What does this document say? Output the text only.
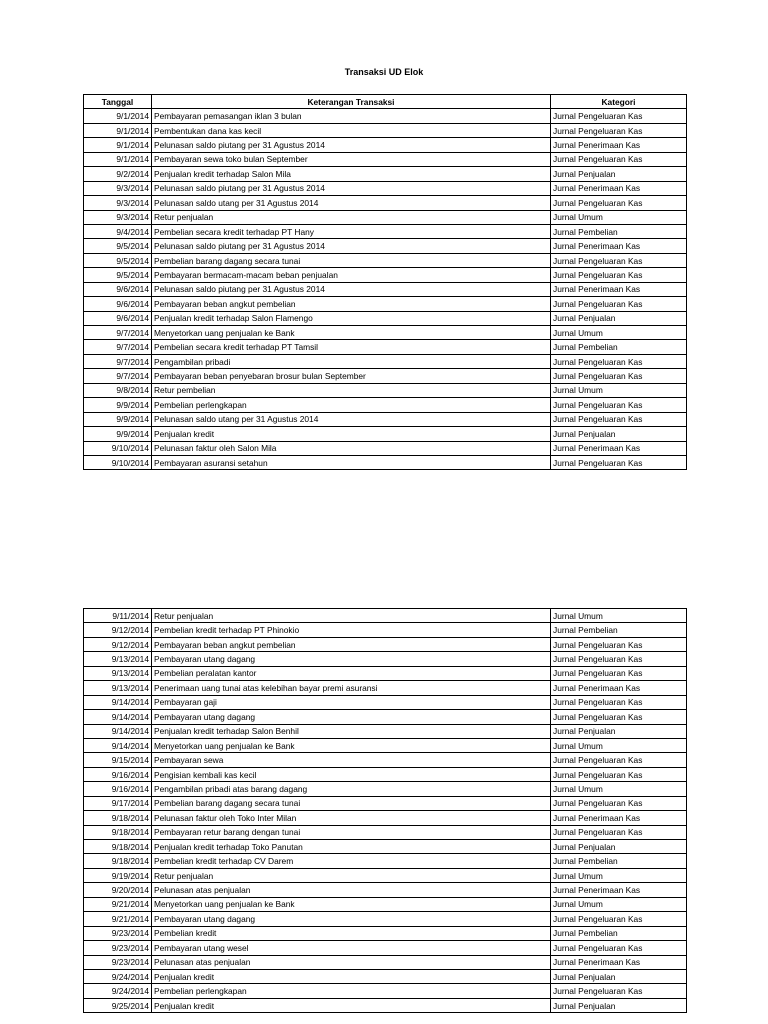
Transaksi UD Elok
Tanggal	Keterangan Transaksi	Kategori
9/1/2014	Pembayaran pemasangan iklan 3 bulan	Jurnal Pengeluaran Kas
9/1/2014	Pembentukan dana kas kecil	Jurnal Pengeluaran Kas
9/1/2014	Pelunasan saldo piutang per 31 Agustus 2014	Jurnal Penerimaan Kas
9/1/2014	Pembayaran sewa toko bulan September	Jurnal Pengeluaran Kas
9/2/2014	Penjualan kredit terhadap Salon Mila	Jurnal Penjualan
9/3/2014	Pelunasan saldo piutang per 31 Agustus 2014	Jurnal Penerimaan Kas
9/3/2014	Pelunasan saldo utang per 31 Agustus 2014	Jurnal Pengeluaran Kas
9/3/2014	Retur penjualan	Jurnal Umum
9/4/2014	Pembelian secara kredit terhadap PT Hany	Jurnal Pembelian
9/5/2014	Pelunasan saldo piutang per 31 Agustus 2014	Jurnal Penerimaan Kas
9/5/2014	Pembelian barang dagang secara tunai	Jurnal Pengeluaran Kas
9/5/2014	Pembayaran bermacam-macam beban penjualan	Jurnal Pengeluaran Kas
9/6/2014	Pelunasan saldo piutang per 31 Agustus 2014	Jurnal Penerimaan Kas
9/6/2014	Pembayaran beban angkut pembelian	Jurnal Pengeluaran Kas
9/6/2014	Penjualan kredit terhadap Salon Flamengo	Jurnal Penjualan
9/7/2014	Menyetorkan uang penjualan ke Bank	Jurnal Umum
9/7/2014	Pembelian secara kredit terhadap PT Tamsil	Jurnal Pembelian
9/7/2014	Pengambilan pribadi	Jurnal Pengeluaran Kas
9/7/2014	Pembayaran beban penyebaran brosur bulan September	Jurnal Pengeluaran Kas
9/8/2014	Retur pembelian	Jurnal Umum
9/9/2014	Pembelian perlengkapan	Jurnal Pengeluaran Kas
9/9/2014	Pelunasan saldo utang per 31 Agustus 2014	Jurnal Pengeluaran Kas
9/9/2014	Penjualan kredit	Jurnal Penjualan
9/10/2014	Pelunasan faktur oleh Salon Mila	Jurnal Penerimaan Kas
9/10/2014	Pembayaran asuransi setahun	Jurnal Pengeluaran Kas
9/11/2014	Retur penjualan	Jurnal Umum
9/12/2014	Pembelian kredit terhadap PT Phinokio	Jurnal Pembelian
9/12/2014	Pembayaran beban angkut pembelian	Jurnal Pengeluaran Kas
9/13/2014	Pembayaran utang dagang	Jurnal Pengeluaran Kas
9/13/2014	Pembelian peralatan kantor	Jurnal Pengeluaran Kas
9/13/2014	Penerimaan uang tunai atas kelebihan bayar premi asuransi	Jurnal Penerimaan Kas
9/14/2014	Pembayaran gaji	Jurnal Pengeluaran Kas
9/14/2014	Pembayaran utang dagang	Jurnal Pengeluaran Kas
9/14/2014	Penjualan kredit terhadap Salon Benhil	Jurnal Penjualan
9/14/2014	Menyetorkan uang penjualan ke Bank	Jurnal Umum
9/15/2014	Pembayaran sewa	Jurnal Pengeluaran Kas
9/16/2014	Pengisian kembali kas kecil	Jurnal Pengeluaran Kas
9/16/2014	Pengambilan pribadi atas barang dagang	Jurnal Umum
9/17/2014	Pembelian barang dagang secara tunai	Jurnal Pengeluaran Kas
9/18/2014	Pelunasan faktur oleh Toko Inter Milan	Jurnal Penerimaan Kas
9/18/2014	Pembayaran retur barang dengan tunai	Jurnal Pengeluaran Kas
9/18/2014	Penjualan kredit terhadap Toko Panutan	Jurnal Penjualan
9/18/2014	Pembelian kredit terhadap CV Darem	Jurnal Pembelian
9/19/2014	Retur penjualan	Jurnal Umum
9/20/2014	Pelunasan atas penjualan	Jurnal Penerimaan Kas
9/21/2014	Menyetorkan uang penjualan ke Bank	Jurnal Umum
9/21/2014	Pembayaran utang dagang	Jurnal Pengeluaran Kas
9/23/2014	Pembelian kredit	Jurnal Pembelian
9/23/2014	Pembayaran utang wesel	Jurnal Pengeluaran Kas
9/23/2014	Pelunasan atas penjualan	Jurnal Penerimaan Kas
9/24/2014	Penjualan kredit	Jurnal Penjualan
9/24/2014	Pembelian perlengkapan	Jurnal Pengeluaran Kas
9/25/2014	Penjualan kredit	Jurnal Penjualan
